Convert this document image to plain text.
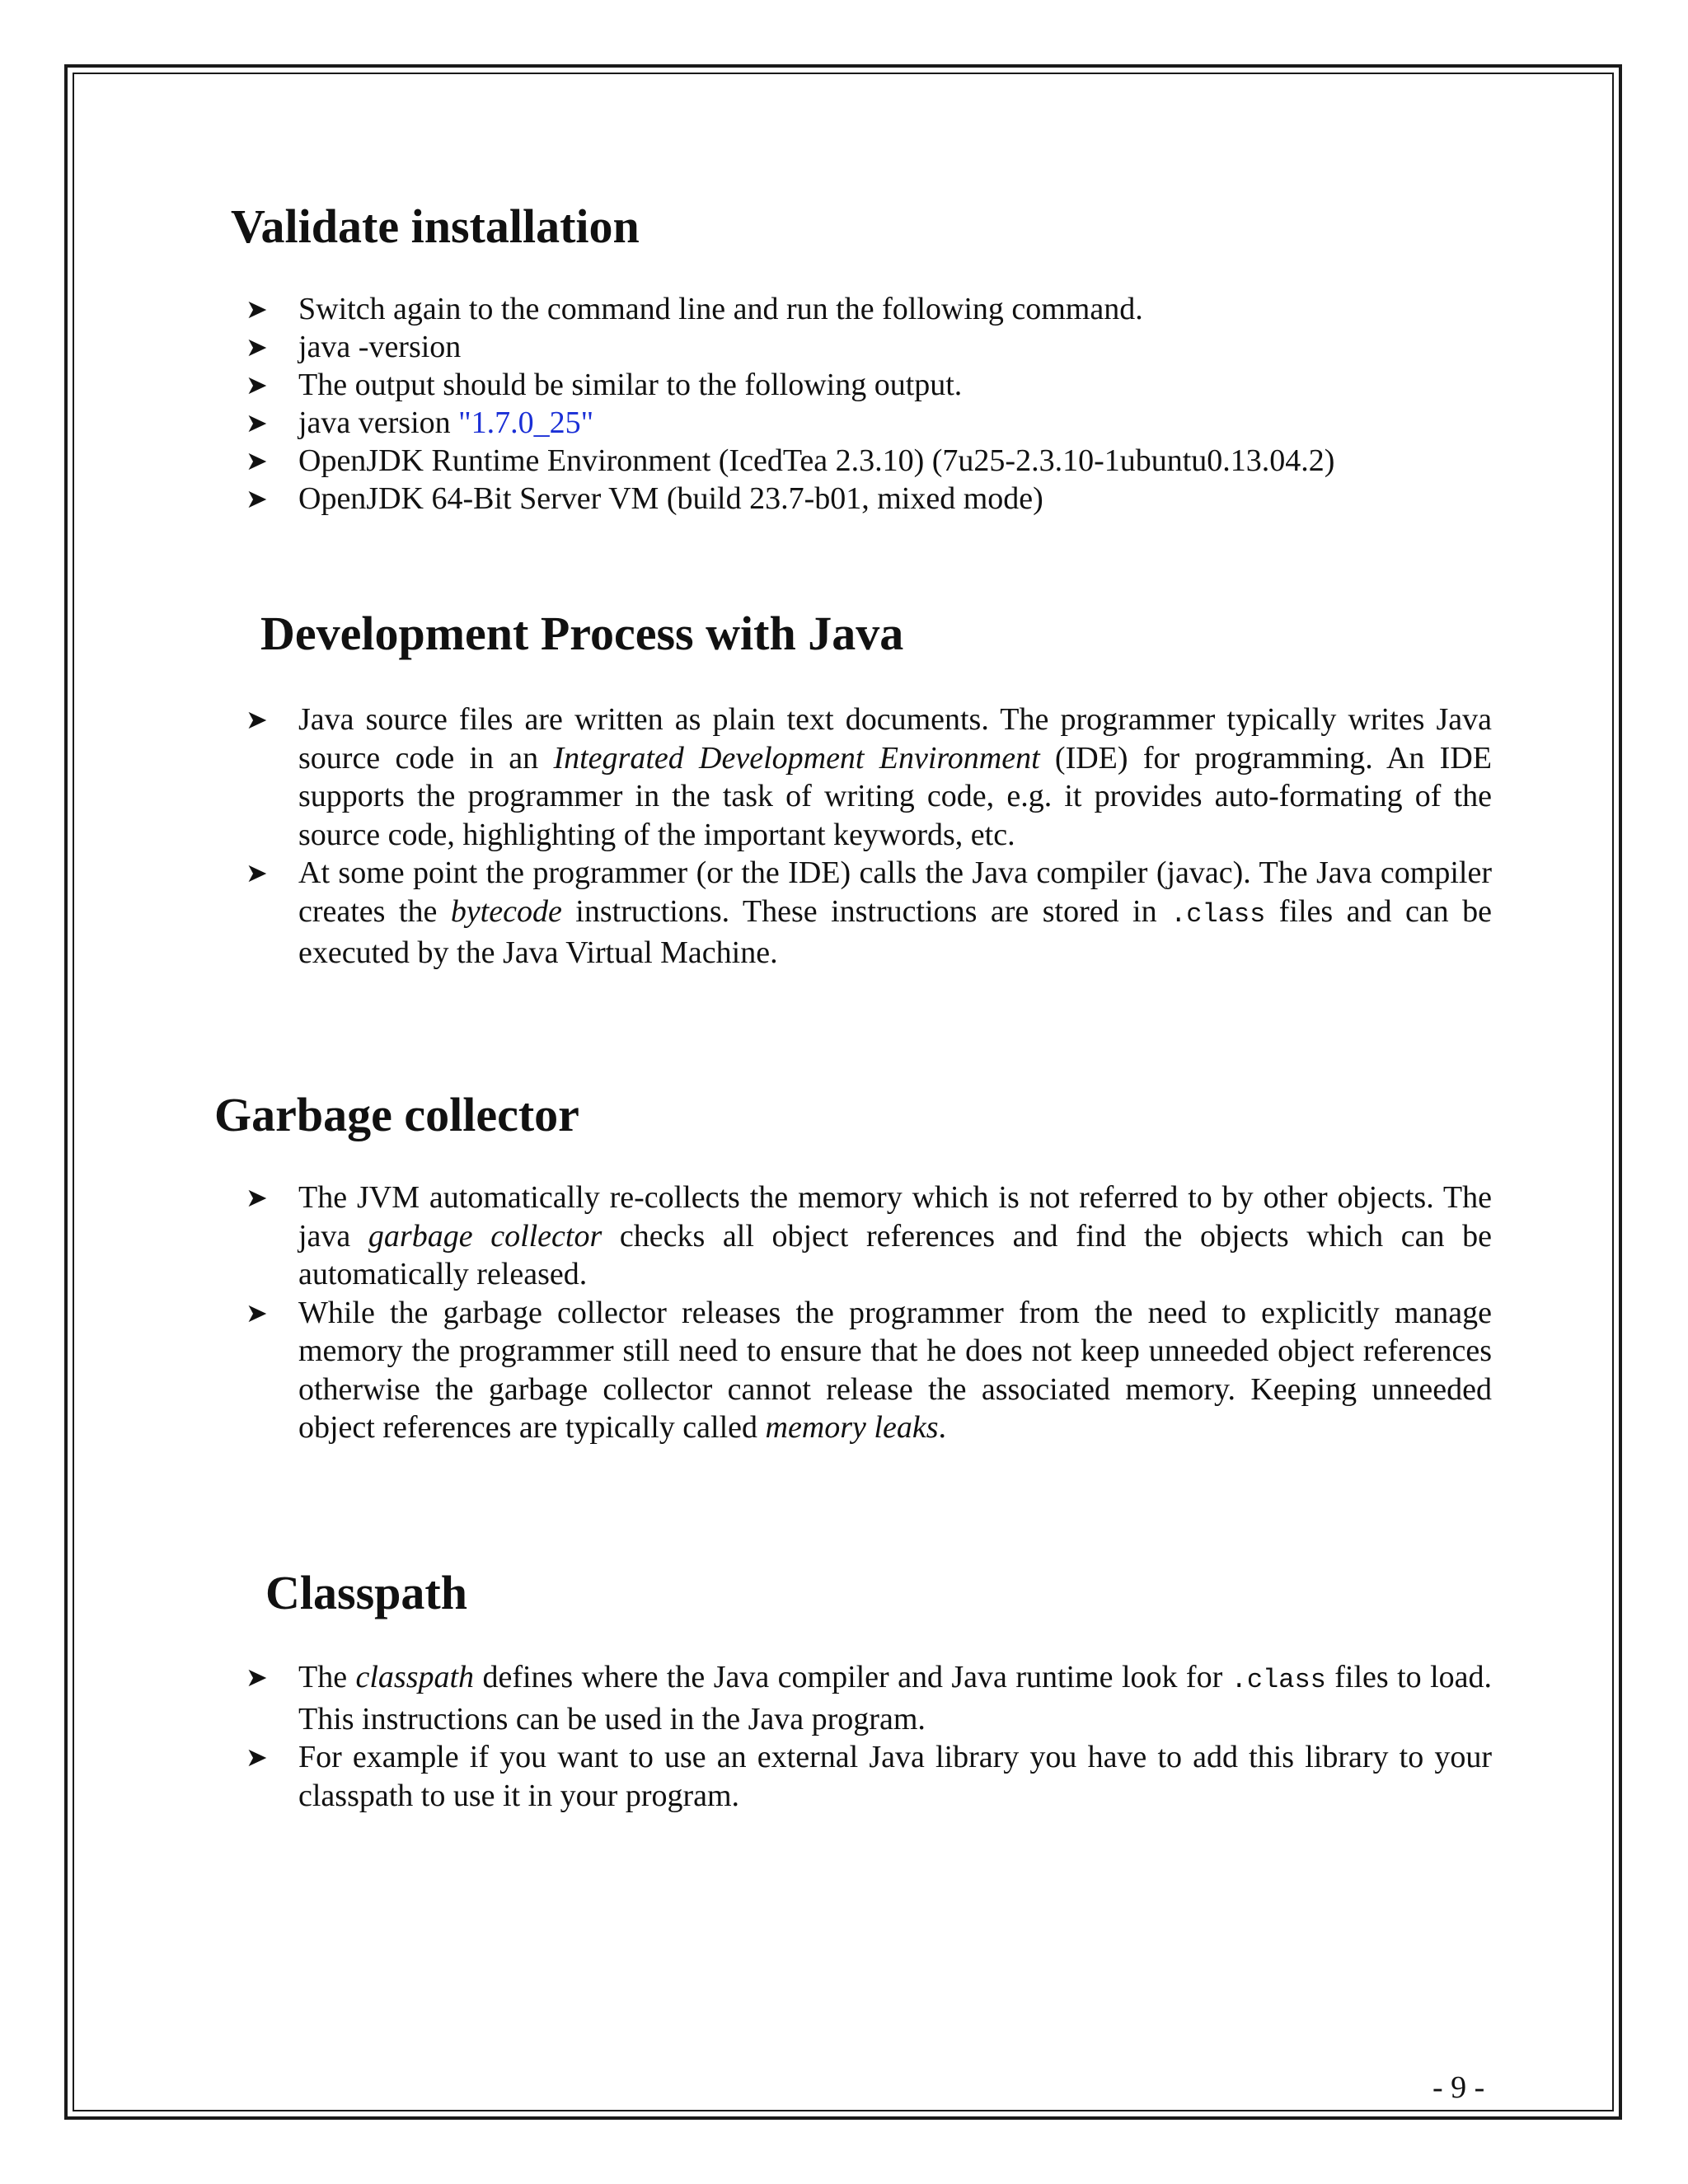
Validate installation
➤ Switch again to the command line and run the following command.
➤ java -version
➤ The output should be similar to the following output.
➤ java version "1.7.0_25"
➤ OpenJDK Runtime Environment (IcedTea 2.3.10) (7u25-2.3.10-1ubuntu0.13.04.2)
➤ OpenJDK 64-Bit Server VM (build 23.7-b01, mixed mode)
Development Process with Java
➤ Java source files are written as plain text documents. The programmer typically writes Java source code in an Integrated Development Environment (IDE) for programming. An IDE supports the programmer in the task of writing code, e.g. it provides auto-formating of the source code, highlighting of the important keywords, etc.
➤ At some point the programmer (or the IDE) calls the Java compiler (javac). The Java compiler creates the bytecode instructions. These instructions are stored in .class files and can be executed by the Java Virtual Machine.
Garbage collector
➤ The JVM automatically re-collects the memory which is not referred to by other objects. The java garbage collector checks all object references and find the objects which can be automatically released.
➤ While the garbage collector releases the programmer from the need to explicitly manage memory the programmer still need to ensure that he does not keep unneeded object references otherwise the garbage collector cannot release the associated memory. Keeping unneeded object references are typically called memory leaks.
Classpath
➤ The classpath defines where the Java compiler and Java runtime look for .class files to load. This instructions can be used in the Java program.
➤ For example if you want to use an external Java library you have to add this library to your classpath to use it in your program.
- 9 -
